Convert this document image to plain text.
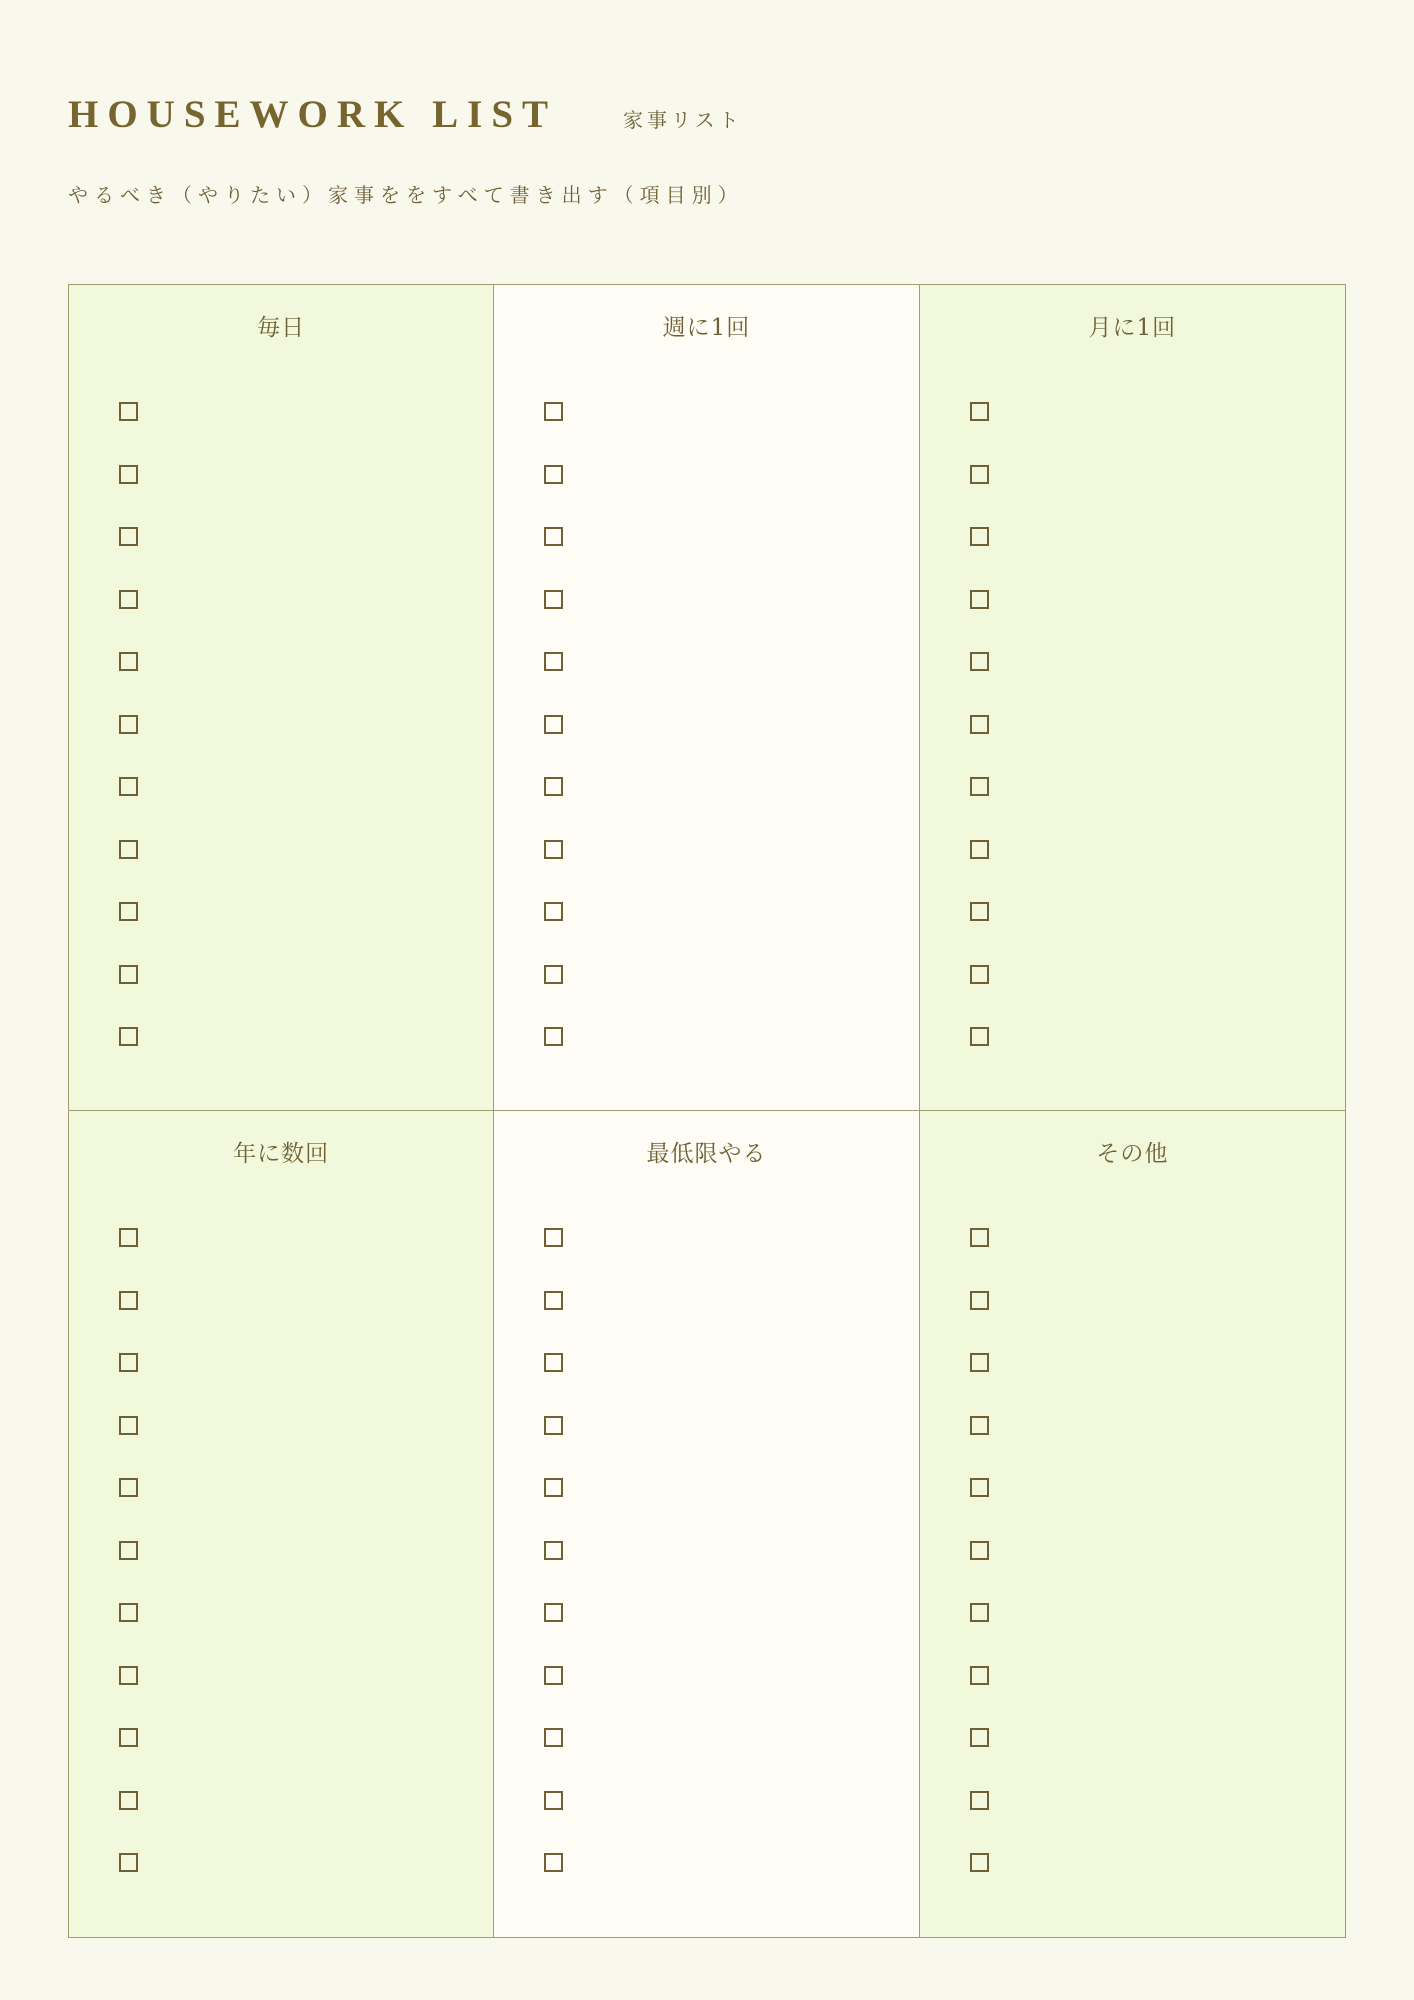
HOUSEWORK LIST	家事リスト
やるべき（やりたい）家事ををすべて書き出す（項目別）
毎日	週に1回	月に1回
年に数回	最低限やる	その他
